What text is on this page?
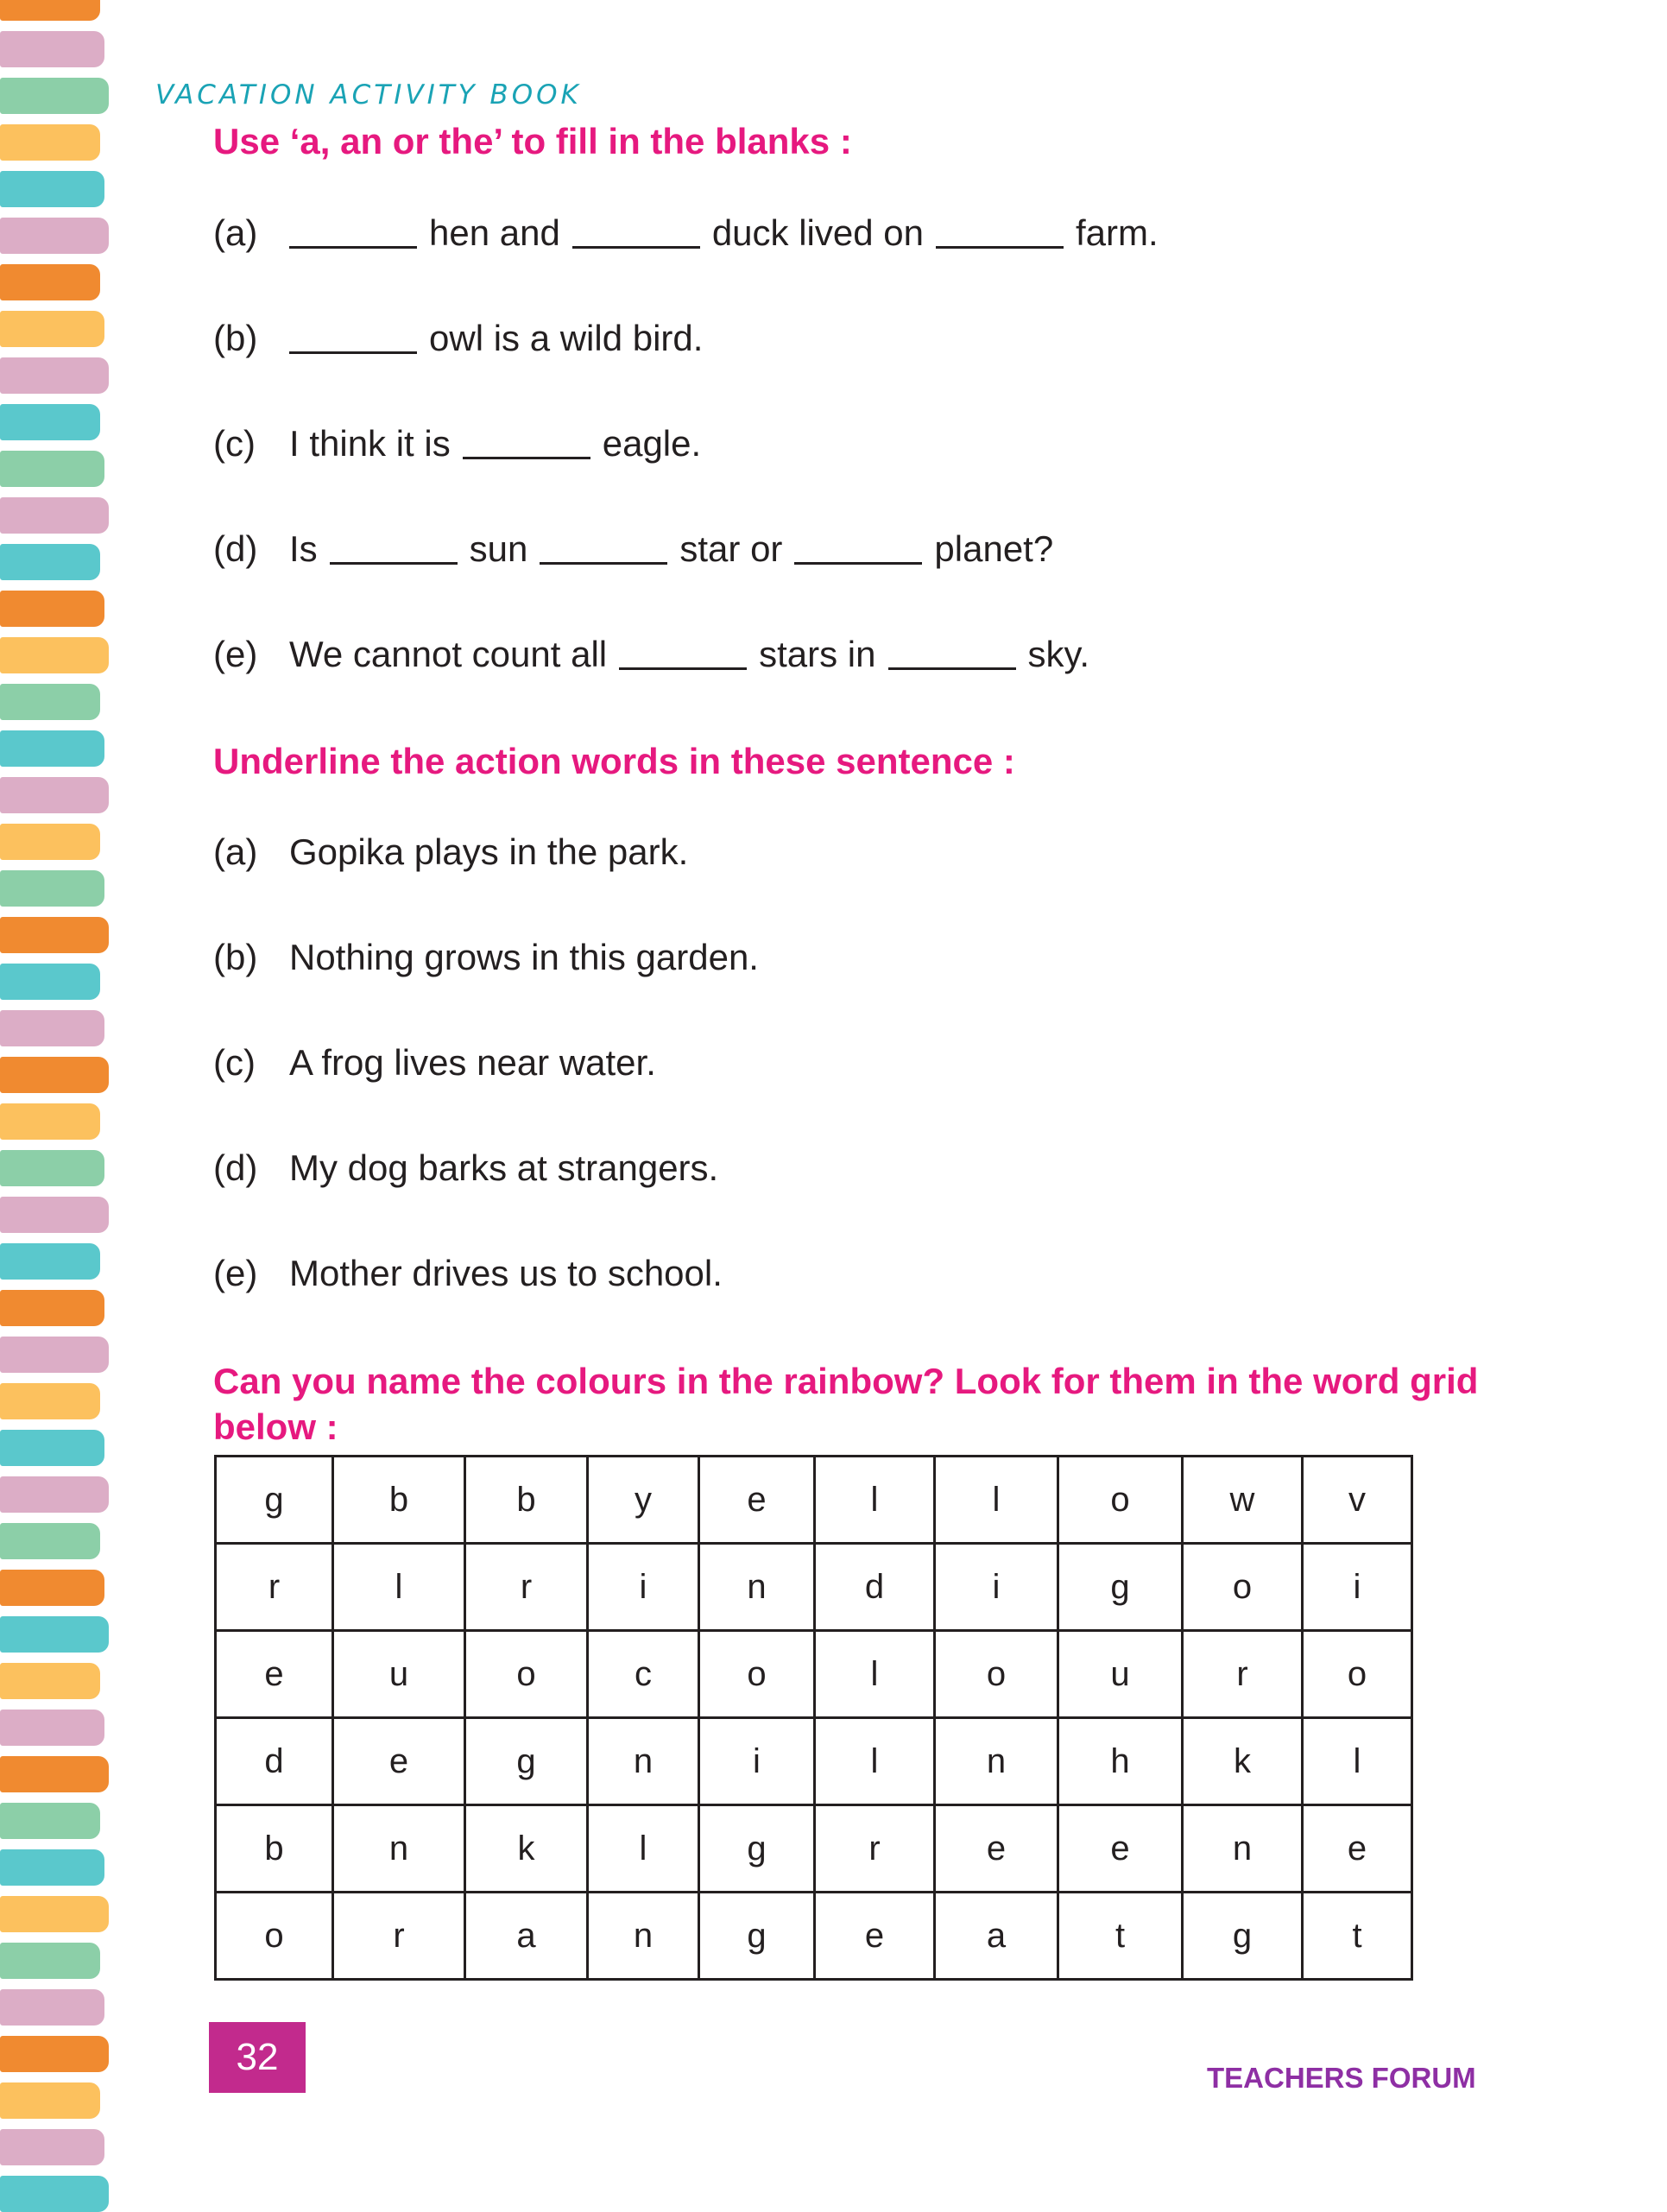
VACATION ACTIVITY BOOK
Use ‘a, an or the’ to fill in the blanks :
(a)	hen and	duck lived on	farm.
(b)	owl is a wild bird.
(c) I think it is	eagle.
(d) Is	sun	star or	planet?
(e) We cannot count all	stars in	sky.
Underline the action words in these sentence :
(a) Gopika plays in the park.
(b) Nothing grows in this garden.
(c) A frog lives near water.
(d) My dog barks at strangers.
(e) Mother drives us to school.
Can you name the colours in the rainbow? Look for them in the word grid
below :
g	b	b	y	e	l	l	o	w	v
r	l	r	i	n	d	i	g	o	i
e	u	o	c	o	l	o	u	r	o
d	e	g	n	i	l	n	h	k	l
b	n	k	l	g	r	e	e	n	e
o	r	a	n	g	e	a	t	g	t
32	TEACHERS FORUM
